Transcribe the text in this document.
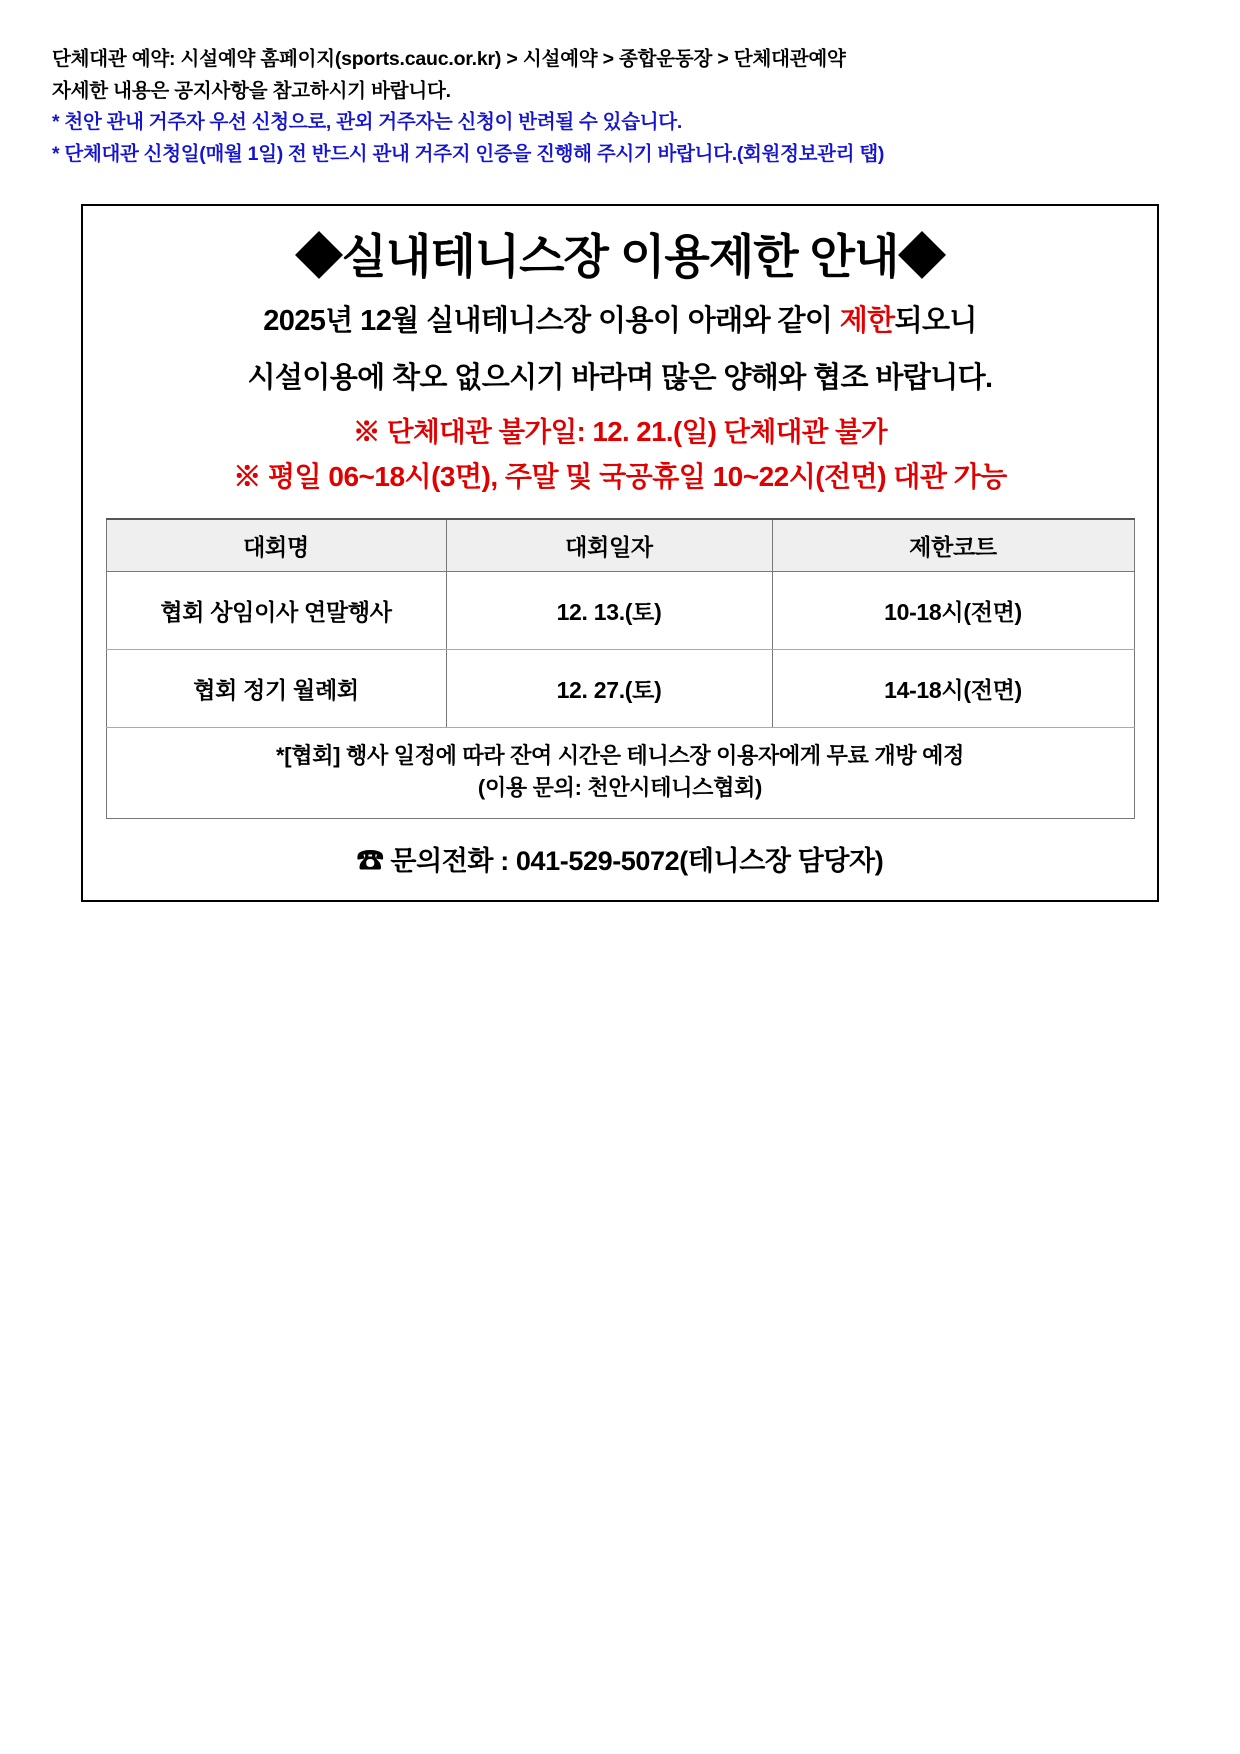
단체대관 예약: 시설예약 홈페이지(sports.cauc.or.kr) > 시설예약 > 종합운동장 > 단체대관예약
자세한 내용은 공지사항을 참고하시기 바랍니다.
* 천안 관내 거주자 우선 신청으로, 관외 거주자는 신청이 반려될 수 있습니다.
* 단체대관 신청일(매월 1일) 전 반드시 관내 거주지 인증을 진행해 주시기 바랍니다.(회원정보관리 탭)
◆실내테니스장 이용제한 안내◆
2025년 12월 실내테니스장 이용이 아래와 같이 제한되오니
시설이용에 착오 없으시기 바라며 많은 양해와 협조 바랍니다.
※ 단체대관 불가일: 12. 21.(일) 단체대관 불가
※ 평일 06~18시(3면), 주말 및 국공휴일 10~22시(전면) 대관 가능
대회명	대회일자	제한코트
협회 상임이사 연말행사	12. 13.(토)	10-18시(전면)
협회 정기 월례회	12. 27.(토)	14-18시(전면)

*[협회] 행사 일정에 따라 잔여 시간은 테니스장 이용자에게 무료 개방 예정
(이용 문의: 천안시테니스협회)		
☎ 문의전화 : 041-529-5072(테니스장 담당자)
